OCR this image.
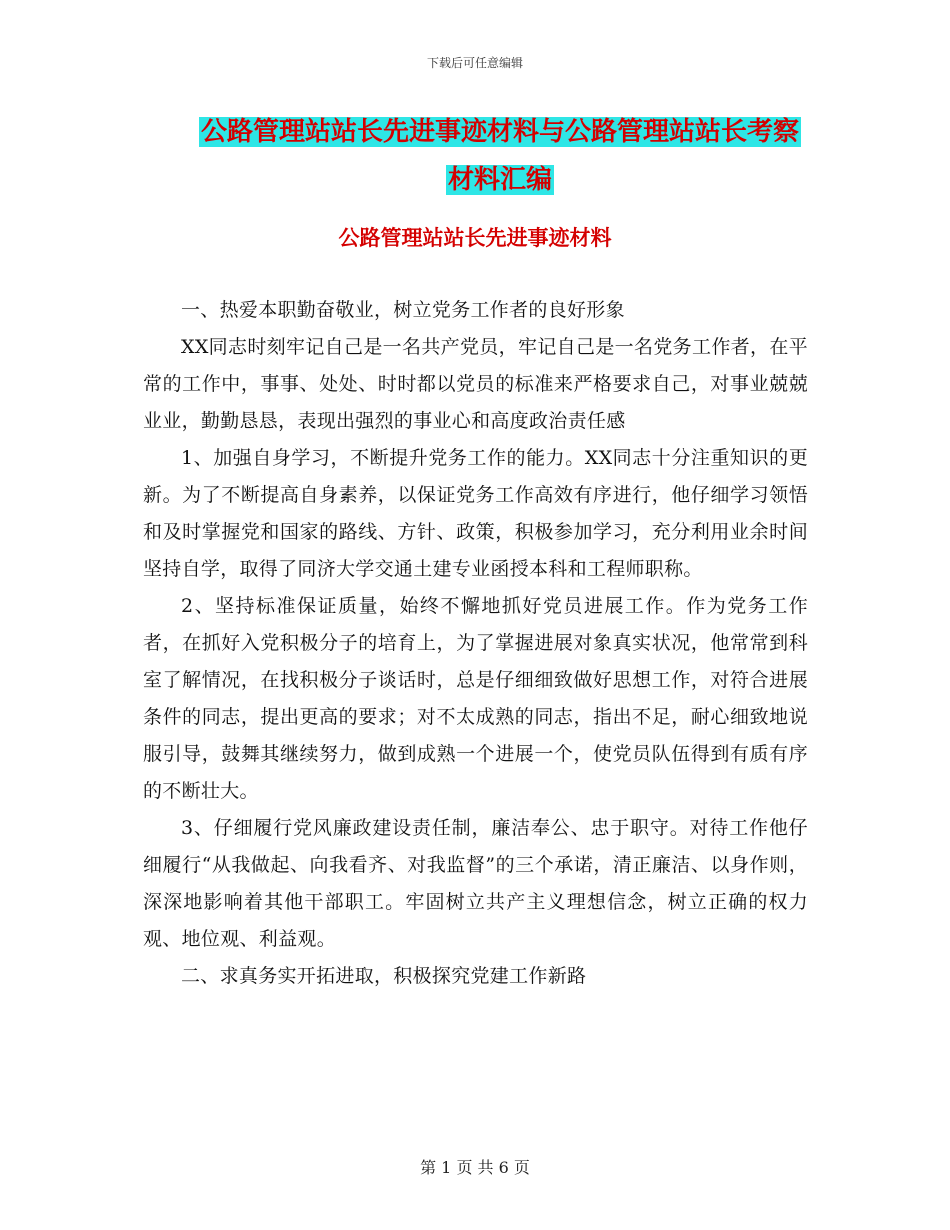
下载后可任意编辑
公路管理站站长先进事迹材料与公路管理站站长考察
材料汇编
公路管理站站长先进事迹材料

一、热爱本职勤奋敬业，树立党务工作者的良好形象

XX同志时刻牢记自己是一名共产党员，牢记自己是一名党务工作者，在平常的工作中，事事、处处、时时都以党员的标准来严格要求自己，对事业兢兢业业，勤勤恳恳，表现出强烈的事业心和高度政治责任感

1、加强自身学习，不断提升党务工作的能力。XX同志十分注重知识的更新。为了不断提高自身素养，以保证党务工作高效有序进行，他仔细学习领悟和及时掌握党和国家的路线、方针、政策，积极参加学习，充分利用业余时间坚持自学，取得了同济大学交通土建专业函授本科和工程师职称。

2、坚持标准保证质量，始终不懈地抓好党员进展工作。作为党务工作者，在抓好入党积极分子的培育上，为了掌握进展对象真实状况，他常常到科室了解情况，在找积极分子谈话时，总是仔细细致做好思想工作，对符合进展条件的同志，提出更高的要求；对不太成熟的同志，指出不足，耐心细致地说服引导，鼓舞其继续努力，做到成熟一个进展一个，使党员队伍得到有质有序的不断壮大。

3、仔细履行党风廉政建设责任制，廉洁奉公、忠于职守。对待工作他仔细履行“从我做起、向我看齐、对我监督”的三个承诺，清正廉洁、以身作则，深深地影响着其他干部职工。牢固树立共产主义理想信念，树立正确的权力观、地位观、利益观。

二、求真务实开拓进取，积极探究党建工作新路

第 1 页 共 6 页
